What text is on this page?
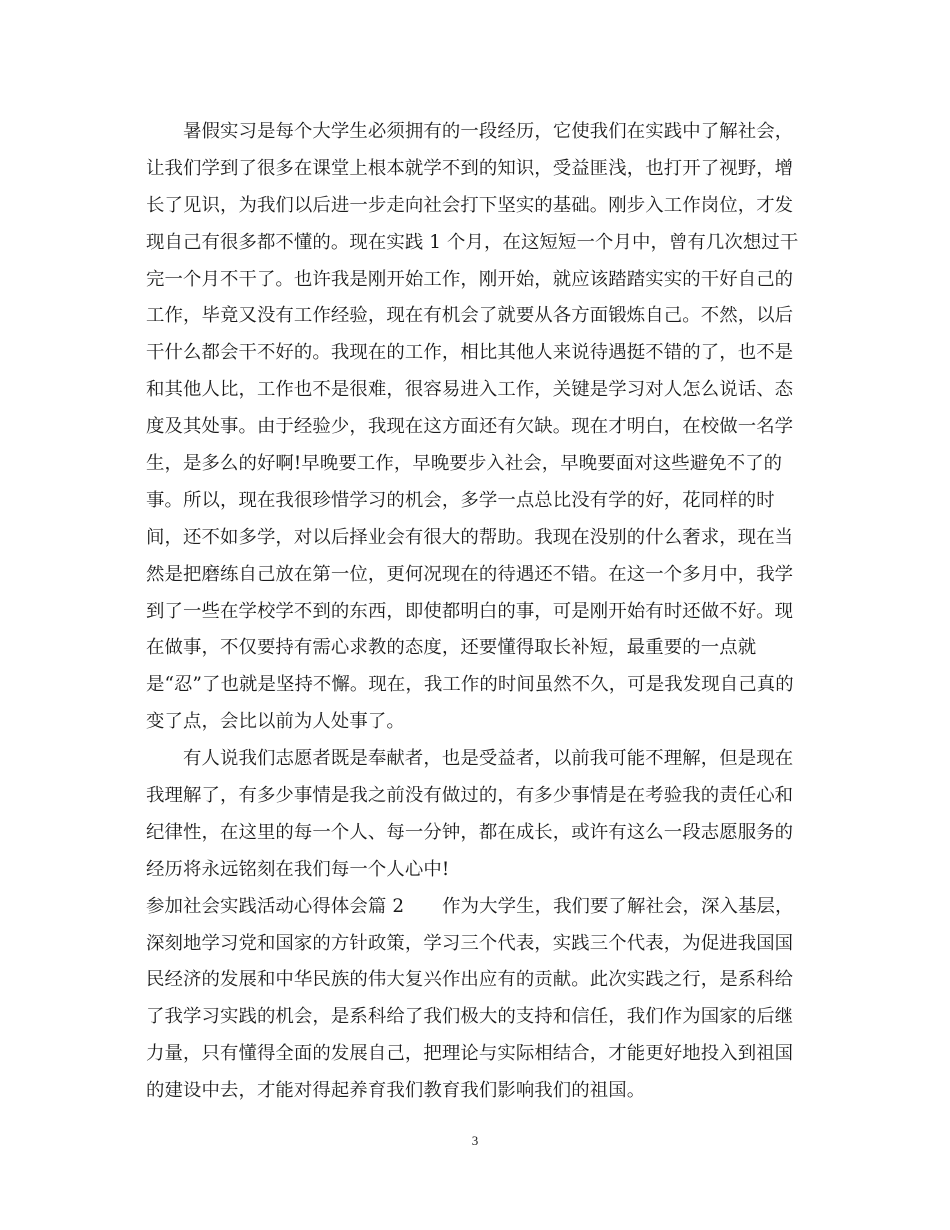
暑假实习是每个大学生必须拥有的一段经历，它使我们在实践中了解社会，
让我们学到了很多在课堂上根本就学不到的知识，受益匪浅，也打开了视野，增
长了见识，为我们以后进一步走向社会打下坚实的基础。刚步入工作岗位，才发
现自己有很多都不懂的。现在实践 1 个月，在这短短一个月中，曾有几次想过干
完一个月不干了。也许我是刚开始工作，刚开始，就应该踏踏实实的干好自己的
工作，毕竟又没有工作经验，现在有机会了就要从各方面锻炼自己。不然，以后
干什么都会干不好的。我现在的工作，相比其他人来说待遇挺不错的了，也不是
和其他人比，工作也不是很难，很容易进入工作，关键是学习对人怎么说话、态
度及其处事。由于经验少，我现在这方面还有欠缺。现在才明白，在校做一名学
生，是多么的好啊!早晚要工作，早晚要步入社会，早晚要面对这些避免不了的
事。所以，现在我很珍惜学习的机会，多学一点总比没有学的好，花同样的时
间，还不如多学，对以后择业会有很大的帮助。我现在没别的什么奢求，现在当
然是把磨练自己放在第一位，更何况现在的待遇还不错。在这一个多月中，我学
到了一些在学校学不到的东西，即使都明白的事，可是刚开始有时还做不好。现
在做事，不仅要持有需心求教的态度，还要懂得取长补短，最重要的一点就
是“忍”了也就是坚持不懈。现在，我工作的时间虽然不久，可是我发现自己真的
变了点，会比以前为人处事了。
有人说我们志愿者既是奉献者，也是受益者，以前我可能不理解，但是现在
我理解了，有多少事情是我之前没有做过的，有多少事情是在考验我的责任心和
纪律性，在这里的每一个人、每一分钟，都在成长，或许有这么一段志愿服务的
经历将永远铭刻在我们每一个人心中!
参加社会实践活动心得体会篇 2 作为大学生，我们要了解社会，深入基层，
深刻地学习党和国家的方针政策，学习三个代表，实践三个代表，为促进我国国
民经济的发展和中华民族的伟大复兴作出应有的贡献。此次实践之行，是系科给
了我学习实践的机会，是系科给了我们极大的支持和信任，我们作为国家的后继
力量，只有懂得全面的发展自己，把理论与实际相结合，才能更好地投入到祖国
的建设中去，才能对得起养育我们教育我们影响我们的祖国。
3
